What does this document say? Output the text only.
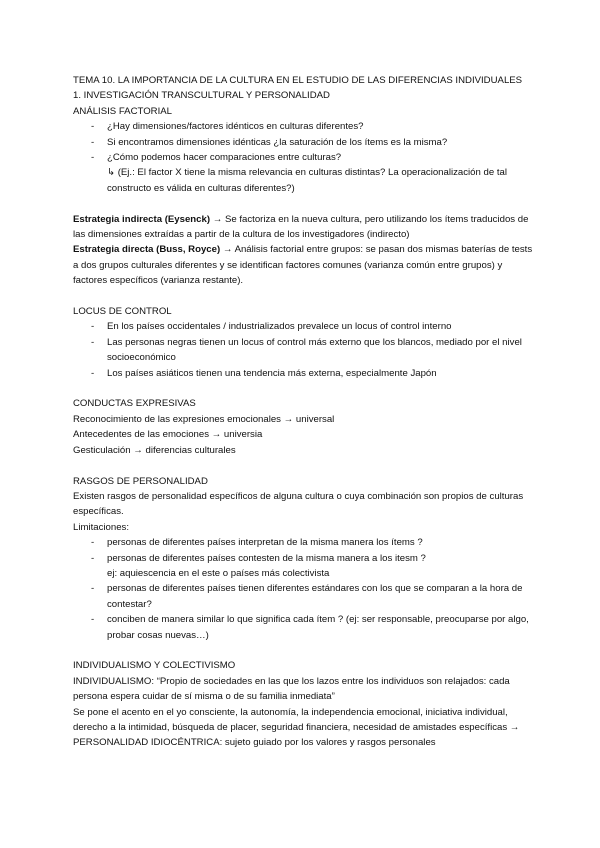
TEMA 10. LA IMPORTANCIA DE LA CULTURA EN EL ESTUDIO DE LAS DIFERENCIAS INDIVIDUALES

1. INVESTIGACIÓN TRANSCULTURAL Y PERSONALIDAD

ANÁLISIS FACTORIAL

- ¿Hay dimensiones/factores idénticos en culturas diferentes?
- Si encontramos dimensiones idénticas ¿la saturación de los ítems es la misma?
- ¿Cómo podemos hacer comparaciones entre culturas?
↳ (Ej.: El factor X tiene la misma relevancia en culturas distintas? La operacionalización de tal constructo es válida en culturas diferentes?)

Estrategia indirecta (Eysenck) → Se factoriza en la nueva cultura, pero utilizando los ítems traducidos de las dimensiones extraídas a partir de la cultura de los investigadores (indirecto)

Estrategia directa (Buss, Royce) → Análisis factorial entre grupos: se pasan dos mismas baterías de tests a dos grupos culturales diferentes y se identifican factores comunes (varianza común entre grupos) y factores específicos (varianza restante).

LOCUS DE CONTROL

- En los países occidentales / industrializados prevalece un locus of control interno
- Las personas negras tienen un locus of control más externo que los blancos, mediado por el nivel socioeconómico
- Los países asiáticos tienen una tendencia más externa, especialmente Japón

CONDUCTAS EXPRESIVAS

Reconocimiento de las expresiones emocionales → universal

Antecedentes de las emociones → universia

Gesticulación → diferencias culturales

RASGOS DE PERSONALIDAD

Existen rasgos de personalidad específicos de alguna cultura o cuya combinación son propios de culturas específicas.

Limitaciones:

- personas de diferentes países interpretan de la misma manera los ítems ?
- personas de diferentes países contesten de la misma manera a los itesm ?
ej: aquiescencia en el este o países más colectivista
- personas de diferentes países tienen diferentes estándares con los que se comparan a la hora de contestar?
- conciben de manera similar lo que significa cada ítem ? (ej: ser responsable, preocuparse por algo, probar cosas nuevas…)

INDIVIDUALISMO Y COLECTIVISMO

INDIVIDUALISMO: “Propio de sociedades en las que los lazos entre los individuos son relajados: cada persona espera cuidar de sí misma o de su familia inmediata”

Se pone el acento en el yo consciente, la autonomía, la independencia emocional, iniciativa individual, derecho a la intimidad, búsqueda de placer, seguridad financiera, necesidad de amistades específicas → PERSONALIDAD IDIOCÉNTRICA: sujeto guiado por los valores y rasgos personales
